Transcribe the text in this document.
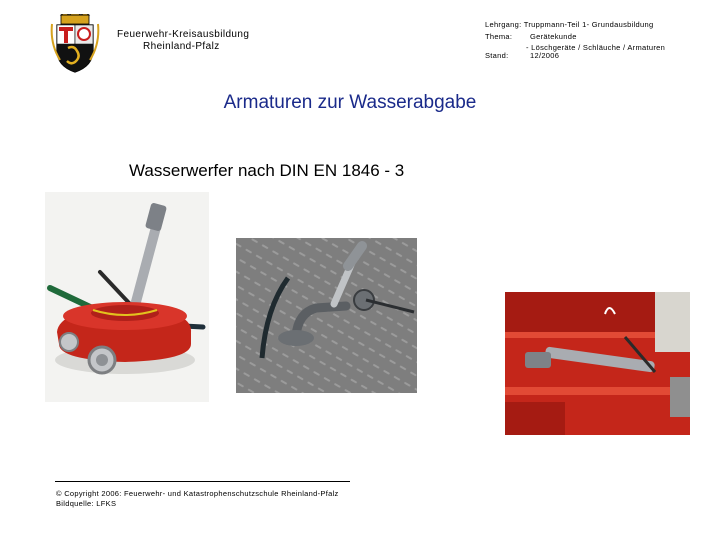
Feuerwehr-Kreisausbildung
Rheinland-Pfalz
Lehrgang: Truppmann-Teil 1- Grundausbildung
Thema: Gerätekunde
- Löschgeräte / Schläuche / Armaturen
Stand:	12/2006
Armaturen zur Wasserabgabe
Wasserwerfer nach DIN EN 1846 - 3
© Copyright 2006: Feuerwehr- und Katastrophenschutzschule Rheinland-Pfalz
Bildquelle: LFKS
